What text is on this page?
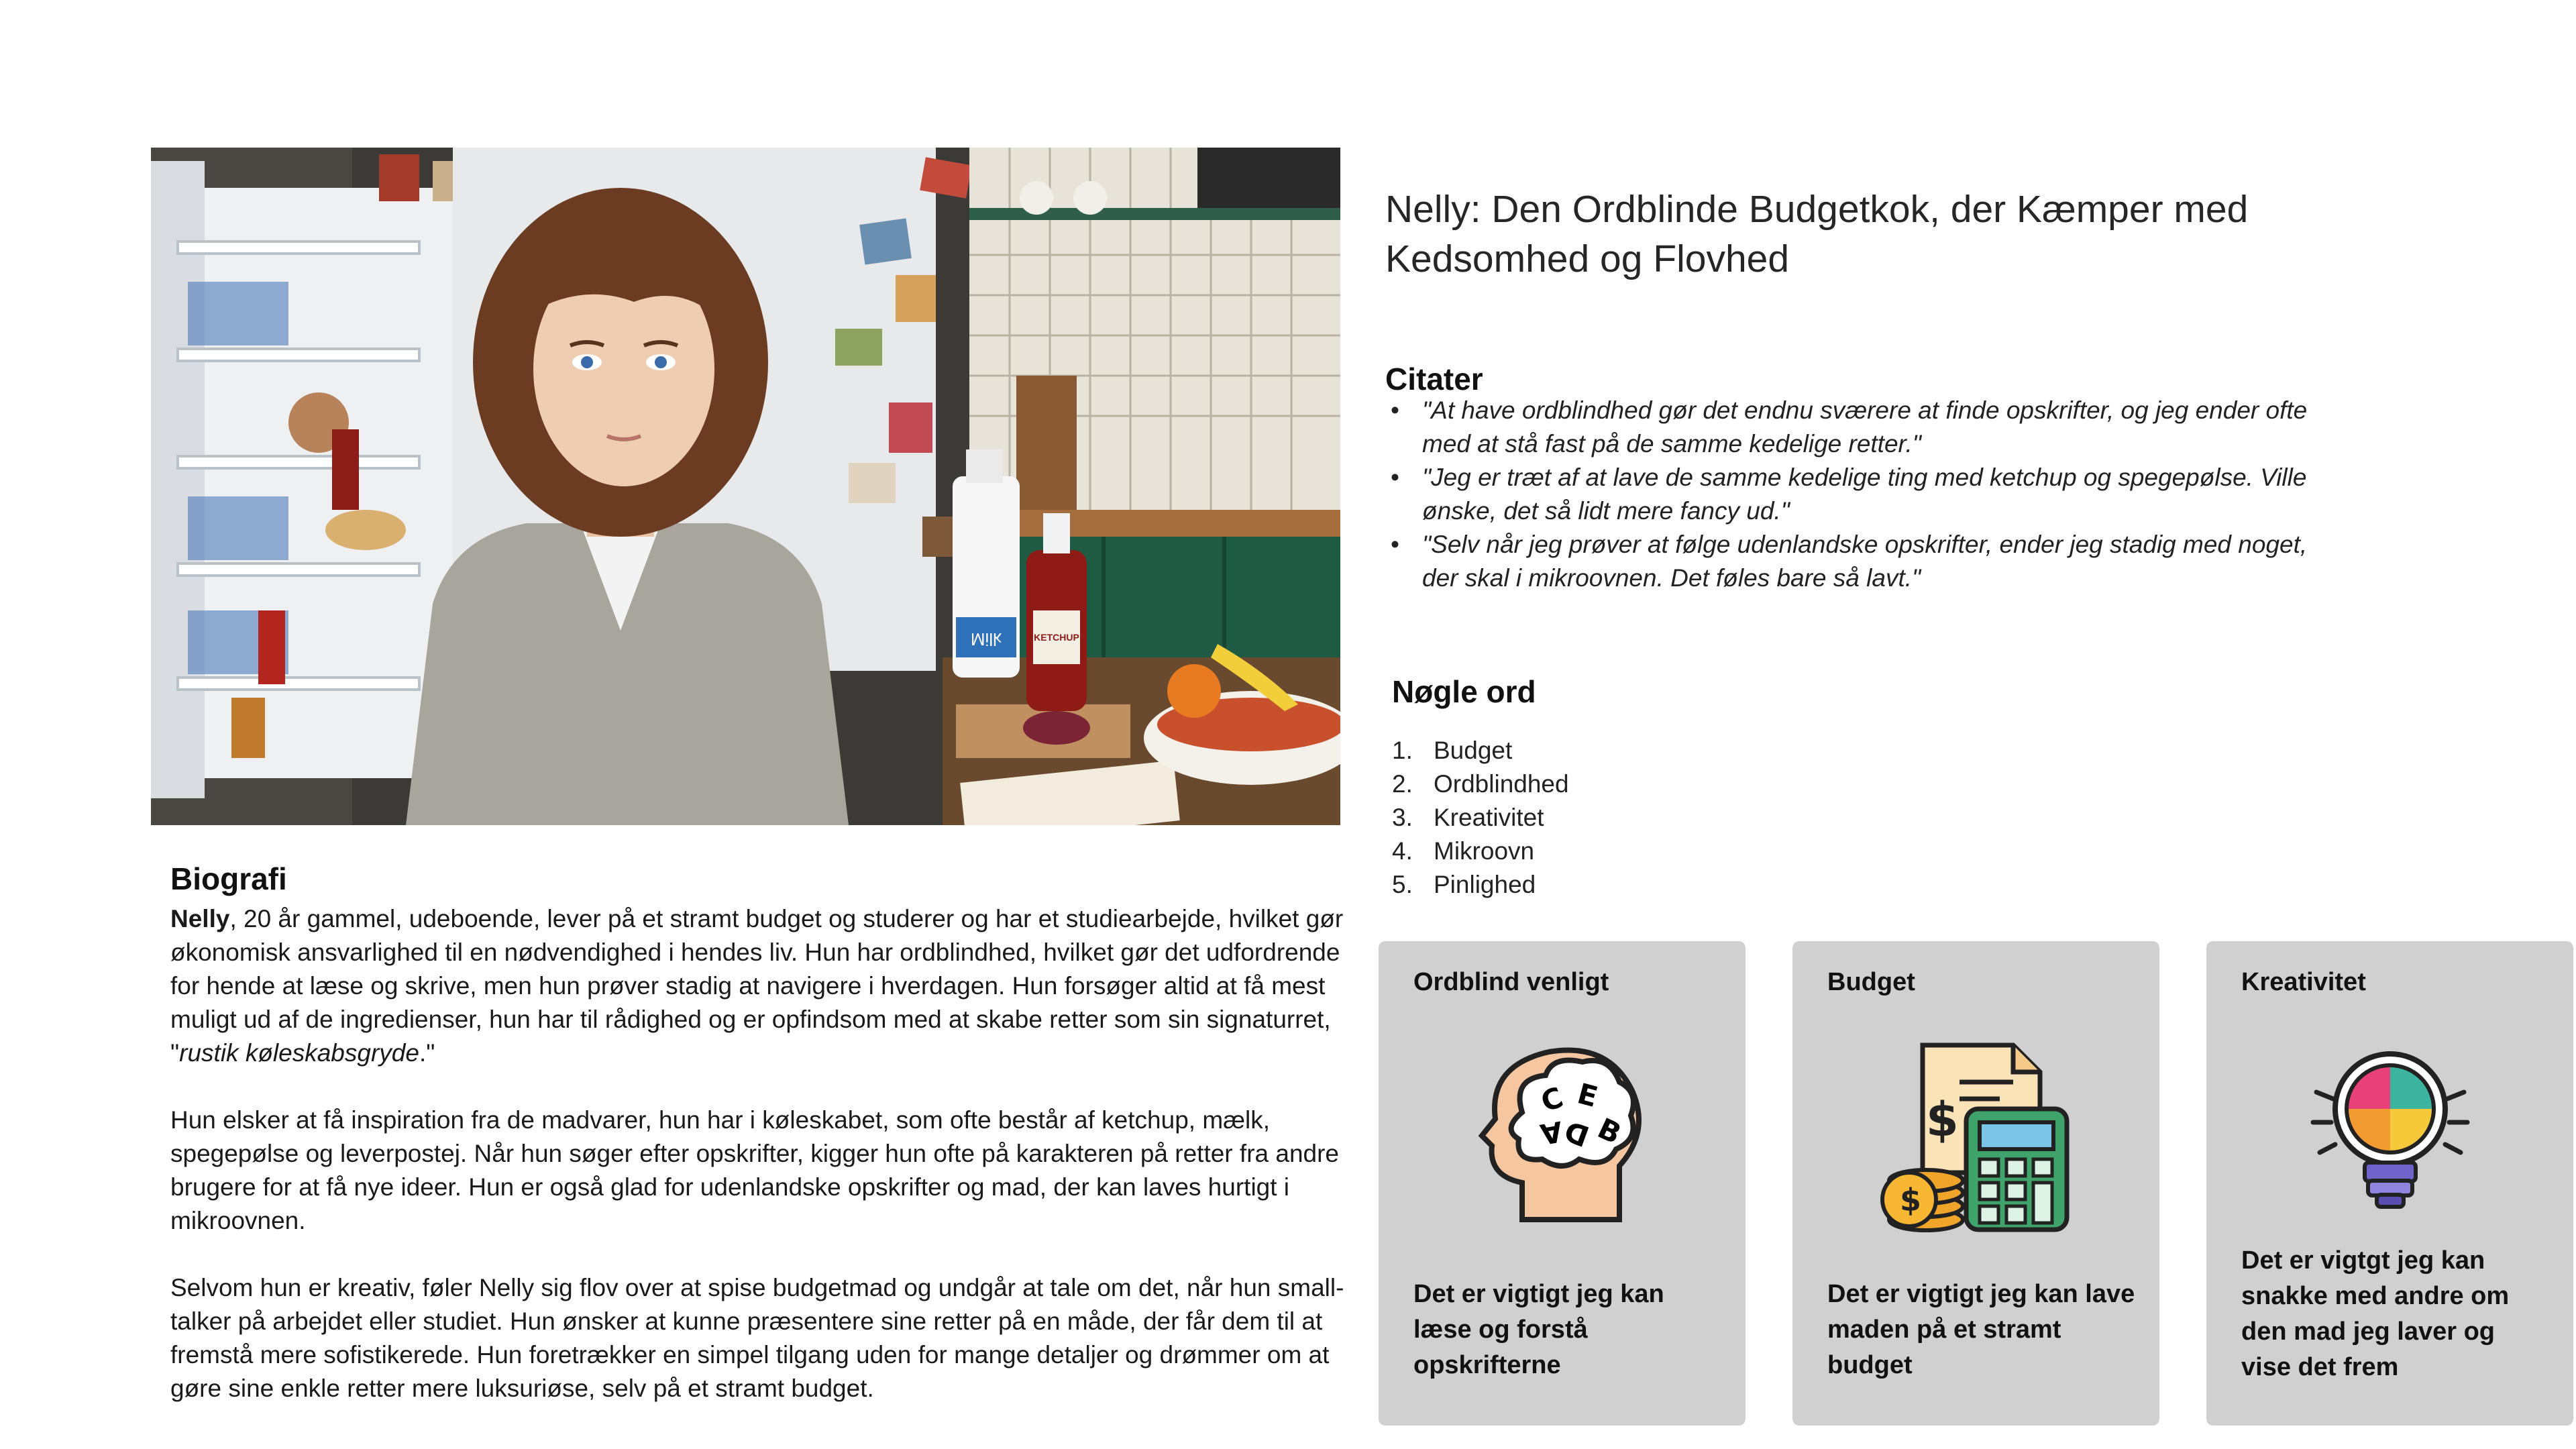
Milk	KETCHUP
Nelly: Den Ordblinde Budgetkok, der Kæmper med Kedsomhed og Flovhed
Citater
• "At have ordblindhed gør det endnu sværere at finde opskrifter, og jeg ender ofte med at stå fast på de samme kedelige retter."
• "Jeg er træt af at lave de samme kedelige ting med ketchup og spegepølse. Ville ønske, det så lidt mere fancy ud."
• "Selv når jeg prøver at følge udenlandske opskrifter, ender jeg stadig med noget, der skal i mikroovnen. Det føles bare så lavt."
Nøgle ord
1. Budget
2. Ordblindhed
3. Kreativitet
4. Mikroovn
5. Pinlighed
Biografi

Nelly, 20 år gammel, udeboende, lever på et stramt budget og studerer og har et studiearbejde, hvilket gør økonomisk ansvarlighed til en nødvendighed i hendes liv. Hun har ordblindhed, hvilket gør det udfordrende for hende at læse og skrive, men hun prøver stadig at navigere i hverdagen. Hun forsøger altid at få mest muligt ud af de ingredienser, hun har til rådighed og er opfindsom med at skabe retter som sin signaturret, "rustik køleskabsgryde."

Hun elsker at få inspiration fra de madvarer, hun har i køleskabet, som ofte består af ketchup, mælk, spegepølse og leverpostej. Når hun søger efter opskrifter, kigger hun ofte på karakteren på retter fra andre brugere for at få nye ideer. Hun er også glad for udenlandske opskrifter og mad, der kan laves hurtigt i mikroovnen.

Selvom hun er kreativ, føler Nelly sig flov over at spise budgetmad og undgår at tale om det, når hun small-talker på arbejdet eller studiet. Hun ønsker at kunne præsentere sine retter på en måde, der får dem til at fremstå mere sofistikerede. Hun foretrækker en simpel tilgang uden for mange detaljer og drømmer om at gøre sine enkle retter mere luksuriøse, selv på et stramt budget.

Ordblind venligt
C E
A
D B
Det er vigtigt jeg kan læse og forstå opskrifterne
Budget
$
$
Det er vigtigt jeg kan lave maden på et stramt budget
Kreativitet
Det er vigtgt jeg kan snakke med andre om den mad jeg laver og vise det frem
